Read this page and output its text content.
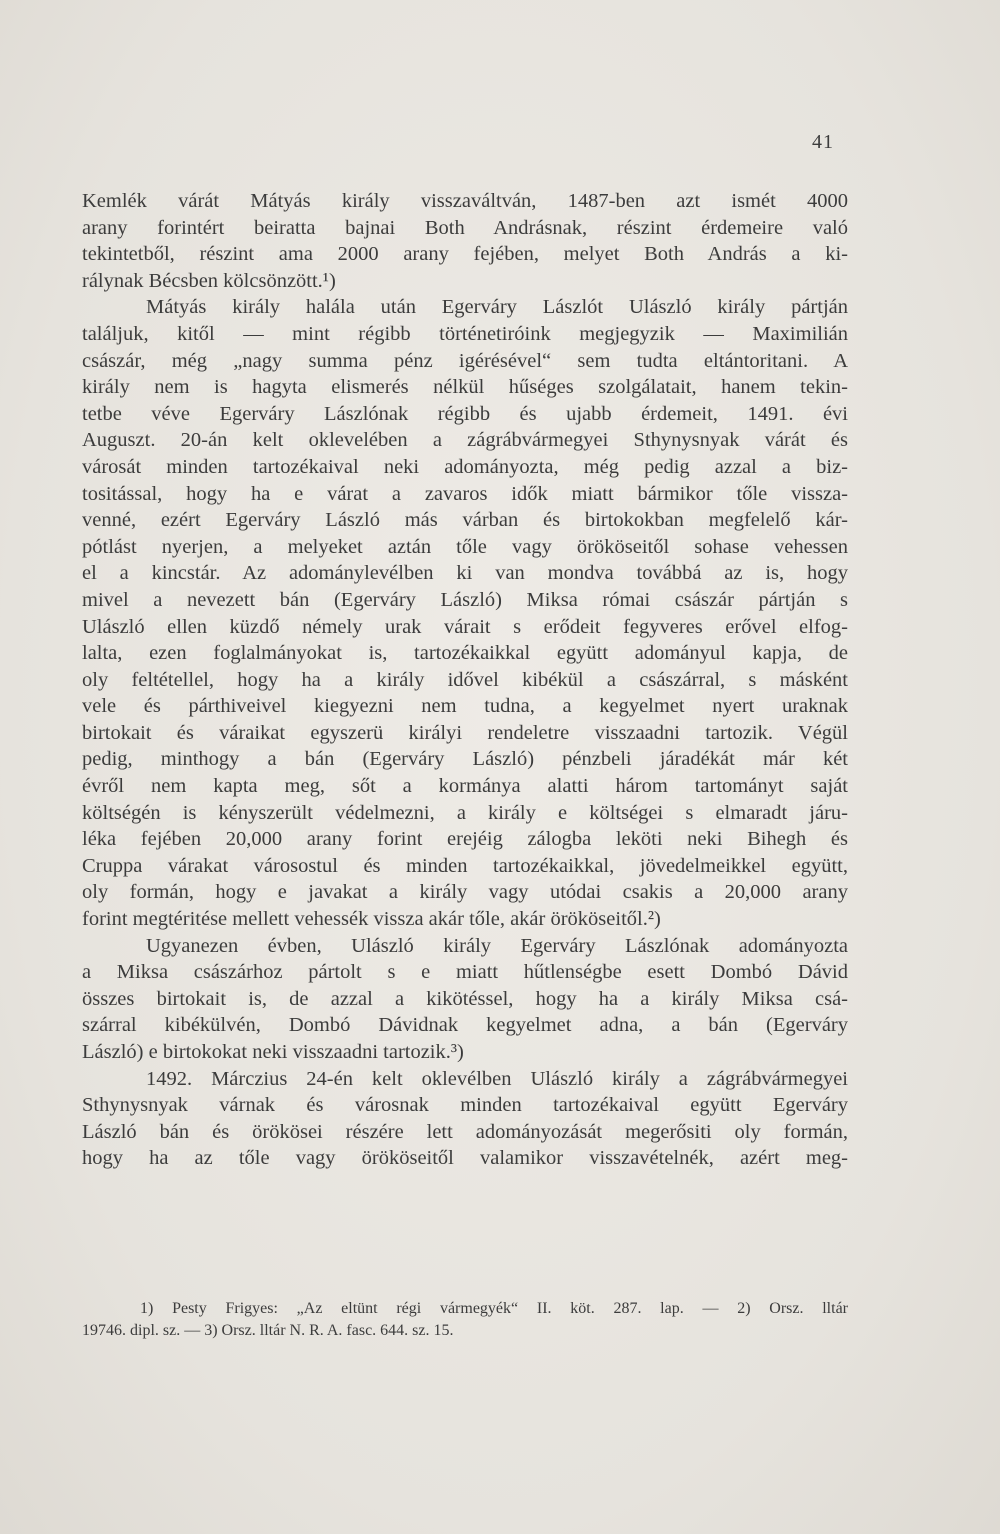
41
Kemlék várát Mátyás király visszaváltván, 1487-ben azt ismét 4000
arany forintért beiratta bajnai Both Andrásnak, részint érdemeire való
tekintetből, részint ama 2000 arany fejében, melyet Both András a ki-
rálynak Bécsben kölcsönzött.¹)
Mátyás király halála után Egerváry Lászlót Ulászló király pártján
találjuk, kitől — mint régibb történetiróink megjegyzik — Maximilián
császár, még „nagy summa pénz igérésével“ sem tudta eltántoritani. A
király nem is hagyta elismerés nélkül hűséges szolgálatait, hanem tekin-
tetbe véve Egerváry Lászlónak régibb és ujabb érdemeit, 1491. évi
Auguszt. 20-án kelt oklevelében a zágrábvármegyei Sthynysnyak várát és
városát minden tartozékaival neki adományozta, még pedig azzal a biz-
tositással, hogy ha e várat a zavaros idők miatt bármikor tőle vissza-
venné, ezért Egerváry László más várban és birtokokban megfelelő kár-
pótlást nyerjen, a melyeket aztán tőle vagy örököseitől sohase vehessen
el a kincstár. Az adománylevélben ki van mondva továbbá az is, hogy
mivel a nevezett bán (Egerváry László) Miksa római császár pártján s
Ulászló ellen küzdő némely urak várait s erődeit fegyveres erővel elfog-
lalta, ezen foglalmányokat is, tartozékaikkal együtt adományul kapja, de
oly feltétellel, hogy ha a király idővel kibékül a császárral, s másként
vele és párthiveivel kiegyezni nem tudna, a kegyelmet nyert uraknak
birtokait és váraikat egyszerü királyi rendeletre visszaadni tartozik. Végül
pedig, minthogy a bán (Egerváry László) pénzbeli járadékát már két
évről nem kapta meg, sőt a kormánya alatti három tartományt saját
költségén is kényszerült védelmezni, a király e költségei s elmaradt járu-
léka fejében 20,000 arany forint erejéig zálogba leköti neki Bihegh és
Cruppa várakat városostul és minden tartozékaikkal, jövedelmeikkel együtt,
oly formán, hogy e javakat a király vagy utódai csakis a 20,000 arany
forint megtéritése mellett vehessék vissza akár tőle, akár örököseitől.²)
Ugyanezen évben, Ulászló király Egerváry Lászlónak adományozta
a Miksa császárhoz pártolt s e miatt hűtlenségbe esett Dombó Dávid
összes birtokait is, de azzal a kikötéssel, hogy ha a király Miksa csá-
szárral kibékülvén, Dombó Dávidnak kegyelmet adna, a bán (Egerváry
László) e birtokokat neki visszaadni tartozik.³)
1492. Márczius 24-én kelt oklevélben Ulászló király a zágrábvármegyei
Sthynysnyak várnak és városnak minden tartozékaival együtt Egerváry
László bán és örökösei részére lett adományozását megerősiti oly formán,
hogy ha az tőle vagy örököseitől valamikor visszavételnék, azért meg-
1) Pesty Frigyes: „Az eltünt régi vármegyék“ II. köt. 287. lap. — 2) Orsz. lltár
19746. dipl. sz. — 3) Orsz. lltár N. R. A. fasc. 644. sz. 15.
